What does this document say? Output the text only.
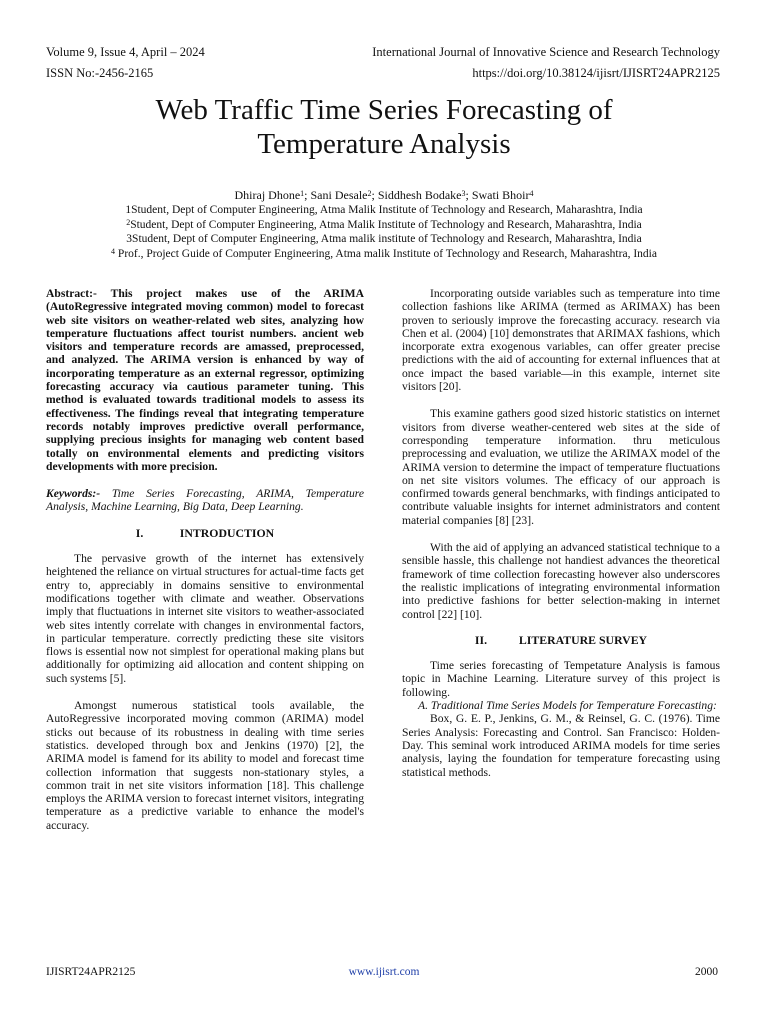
Volume 9, Issue 4, April – 2024
ISSN No:-2456-2165
International Journal of Innovative Science and Research Technology
https://doi.org/10.38124/ijisrt/IJISRT24APR2125
Web Traffic Time Series Forecasting of
Temperature Analysis
Dhiraj Dhone$^1$; Sani Desale$^2$; Siddhesh Bodake$^3$; Swati Bhoir$^4$
1Student, Dept of Computer Engineering, Atma Malik Institute of Technology and Research, Maharashtra, India
$^2$Student, Dept of Computer Engineering, Atma Malik Institute of Technology and Research, Maharashtra, India
3Student, Dept of Computer Engineering, Atma malik institute of Technology and Research, Maharashtra, India
$^4$ Prof., Project Guide of Computer Engineering, Atma malik Institute of Technology and Research, Maharashtra, India

Abstract:- This project makes use of the ARIMA (AutoRegressive integrated moving common) model to forecast web site visitors on weather-related web sites, analyzing how temperature fluctuations affect tourist numbers. ancient web visitors and temperature records are amassed, preprocessed, and analyzed. The ARIMA version is enhanced by way of incorporating temperature as an external regressor, optimizing forecasting accuracy via cautious parameter tuning. This method is evaluated towards traditional models to assess its effectiveness. The findings reveal that integrating temperature records notably improves predictive overall performance, supplying precious insights for managing web content based totally on environmental elements and predicting visitors developments with more precision.

Keywords:- Time Series Forecasting, ARIMA, Temperature Analysis, Machine Learning, Big Data, Deep Learning.

I.	INTRODUCTION

The pervasive growth of the internet has extensively heightened the reliance on virtual structures for actual-time facts get entry to, appreciably in domains sensitive to environmental modifications together with climate and weather. Observations imply that fluctuations in internet site visitors to weather-associated web sites intently correlate with changes in environmental factors, in particular temperature. correctly predicting these site visitors flows is essential now not simplest for operational making plans but additionally for optimizing aid allocation and content shipping on such systems [5].

Amongst numerous statistical tools available, the AutoRegressive incorporated moving common (ARIMA) model sticks out because of its robustness in dealing with time series statistics. developed through box and Jenkins (1970) [2], the ARIMA model is famend for its ability to model and forecast time collection information that suggests non-stationary styles, a common trait in net site visitors information [18]. This challenge employs the ARIMA version to forecast internet visitors, integrating temperature as a predictive variable to enhance the model's accuracy.

Incorporating outside variables such as temperature into time collection fashions like ARIMA (termed as ARIMAX) has been proven to seriously improve the forecasting accuracy. research via Chen et al. (2004) [10] demonstrates that ARIMAX fashions, which incorporate extra exogenous variables, can offer greater precise predictions with the aid of accounting for external influences that at once impact the based variable—in this example, internet site visitors [20].

This examine gathers good sized historic statistics on internet visitors from diverse weather-centered web sites at the side of corresponding temperature information. thru meticulous preprocessing and evaluation, we utilize the ARIMAX model of the ARIMA version to determine the impact of temperature fluctuations on net site visitors volumes. The efficacy of our approach is confirmed towards general benchmarks, with findings anticipated to contribute valuable insights for internet administrators and content material companies [8] [23].

With the aid of applying an advanced statistical technique to a sensible hassle, this challenge not handiest advances the theoretical framework of time collection forecasting however also underscores the realistic implications of integrating environmental information into predictive fashions for better selection-making in internet control [22] [10].

II.	LITERATURE SURVEY

Time series forecasting of Tempetature Analysis is famous topic in Machine Learning. Literature survey of this project is following.

A. Traditional Time Series Models for Temperature Forecasting:

Box, G. E. P., Jenkins, G. M., & Reinsel, G. C. (1976). Time Series Analysis: Forecasting and Control. San Francisco: Holden-Day. This seminal work introduced ARIMA models for time series analysis, laying the foundation for temperature forecasting using statistical methods.

IJISRT24APR2125	www.ijisrt.com	2000
